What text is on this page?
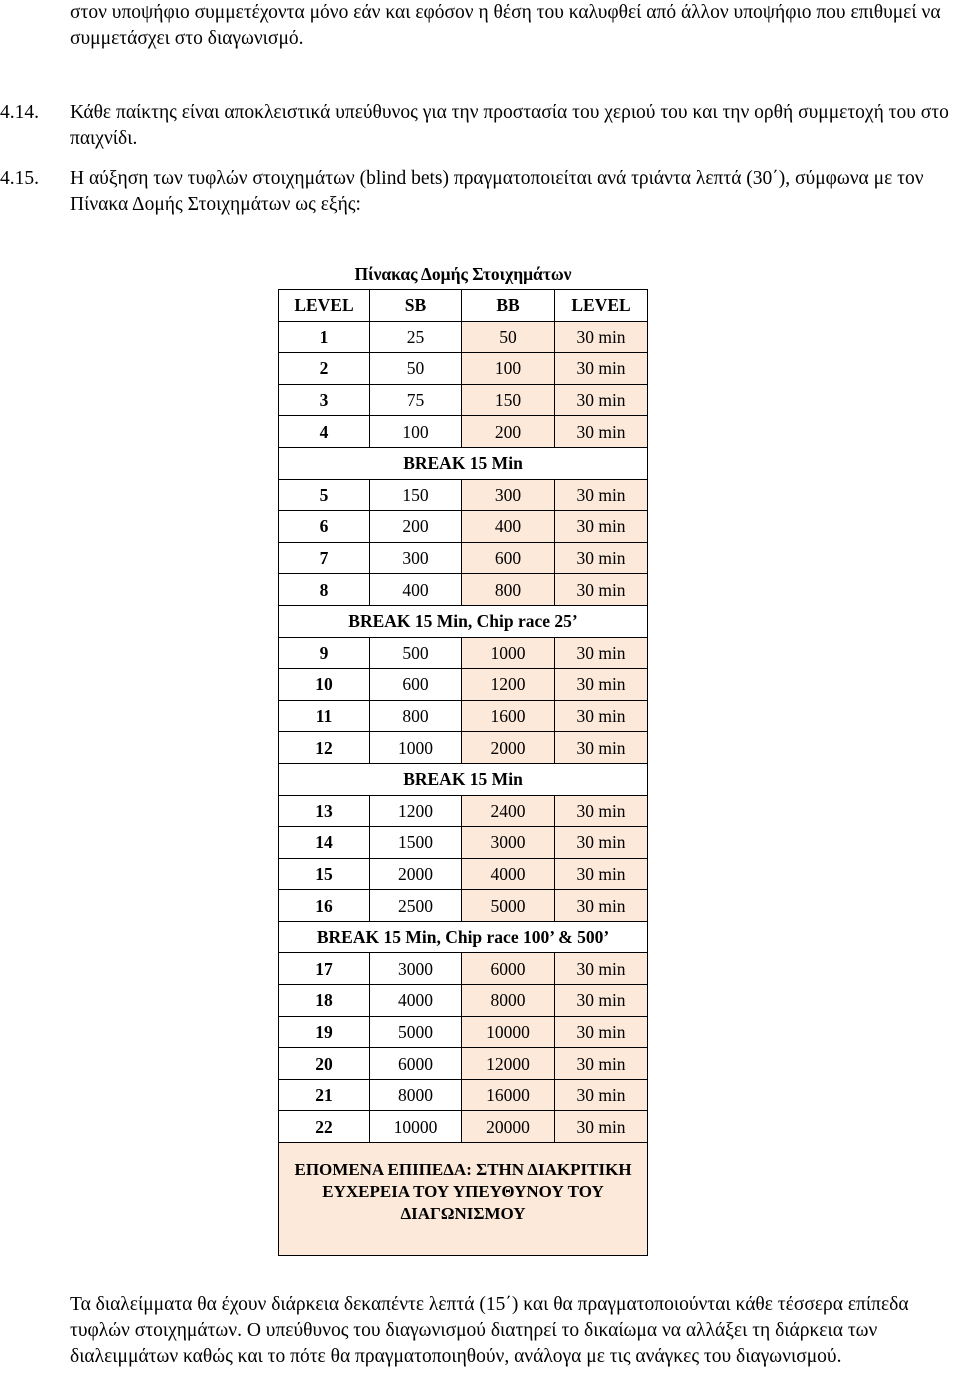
στον υποψήφιο συμμετέχοντα μόνο εάν και εφόσον η θέση του καλυφθεί από άλλον υποψήφιο που επιθυμεί να συμμετάσχει στο διαγωνισμό.

4.14. Κάθε παίκτης είναι αποκλειστικά υπεύθυνος για την προστασία του χεριού του και την ορθή συμμετοχή του στο παιχνίδι.
4.15. Η αύξηση των τυφλών στοιχημάτων (blind bets) πραγματοποιείται ανά τριάντα λεπτά (30΄), σύμφωνα με τον Πίνακα Δομής Στοιχημάτων ως εξής:
Πίνακας Δομής Στοιχημάτων			
LEVEL	SB	BB	LEVEL
1	25	50	30 min
2	50	100	30 min
3	75	150	30 min
4	100	200	30 min
BREAK 15 Min			
5	150	300	30 min
6	200	400	30 min
7	300	600	30 min
8	400	800	30 min
BREAK 15 Min, Chip race 25’			
9	500	1000	30 min
10	600	1200	30 min
11	800	1600	30 min
12	1000	2000	30 min
BREAK 15 Min			
13	1200	2400	30 min
14	1500	3000	30 min
15	2000	4000	30 min
16	2500	5000	30 min
BREAK 15 Min, Chip race 100’ & 500’			
17	3000	6000	30 min
18	4000	8000	30 min
19	5000	10000	30 min
20	6000	12000	30 min
21	8000	16000	30 min
22	10000	20000	30 min
ΕΠΟΜΕΝΑ ΕΠΙΠΕΔΑ: ΣΤΗΝ ΔΙΑΚΡΙΤΙΚΗ ΕΥΧΕΡΕΙΑ ΤΟΥ ΥΠΕΥΘΥΝΟΥ ΤΟΥ ΔΙΑΓΩΝΙΣΜΟΥ			

Τα διαλείμματα θα έχουν διάρκεια δεκαπέντε λεπτά (15΄) και θα πραγματοποιούνται κάθε τέσσερα επίπεδα τυφλών στοιχημάτων. Ο υπεύθυνος του διαγωνισμού διατηρεί το δικαίωμα να αλλάξει τη διάρκεια των διαλειμμάτων καθώς και το πότε θα πραγματοποιηθούν, ανάλογα με τις ανάγκες του διαγωνισμού.
